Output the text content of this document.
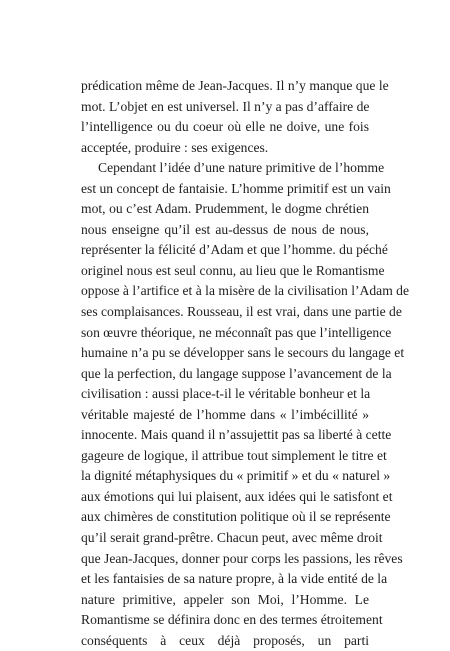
prédication même de Jean-Jacques. Il n’y manque que le
mot. L’objet en est universel. Il n’y a pas d’affaire de
l’intelligence ou du coeur où elle ne doive, une fois
acceptée, produire : ses exigences.
Cependant l’idée d’une nature primitive de l’homme
est un concept de fantaisie. L’homme primitif est un vain
mot, ou c’est Adam. Prudemment, le dogme chrétien
nous enseigne qu’il est au-dessus de nous de nous,
représenter la félicité d’Adam et que l’homme. du péché
originel nous est seul connu, au lieu que le Romantisme
oppose à l’artifice et à la misère de la civilisation l’Adam de
ses complaisances. Rousseau, il est vrai, dans une partie de
son œuvre théorique, ne méconnaît pas que l’intelligence
humaine n’a pu se développer sans le secours du langage et
que la perfection, du langage suppose l’avancement de la
civilisation : aussi place-t-il le véritable bonheur et la
véritable majesté de l’homme dans « l’imbécillité »
innocente. Mais quand il n’assujettit pas sa liberté à cette
gageure de logique, il attribue tout simplement le titre et
la dignité métaphysiques du « primitif » et du « naturel »
aux émotions qui lui plaisent, aux idées qui le satisfont et
aux chimères de constitution politique où il se représente
qu’il serait grand-prêtre. Chacun peut, avec même droit
que Jean-Jacques, donner pour corps les passions, les rêves
et les fantaisies de sa nature propre, à la vide entité de la
nature primitive, appeler son Moi, l’Homme. Le
Romantisme se définira donc en des termes étroitement
conséquents à ceux déjà proposés, un parti
